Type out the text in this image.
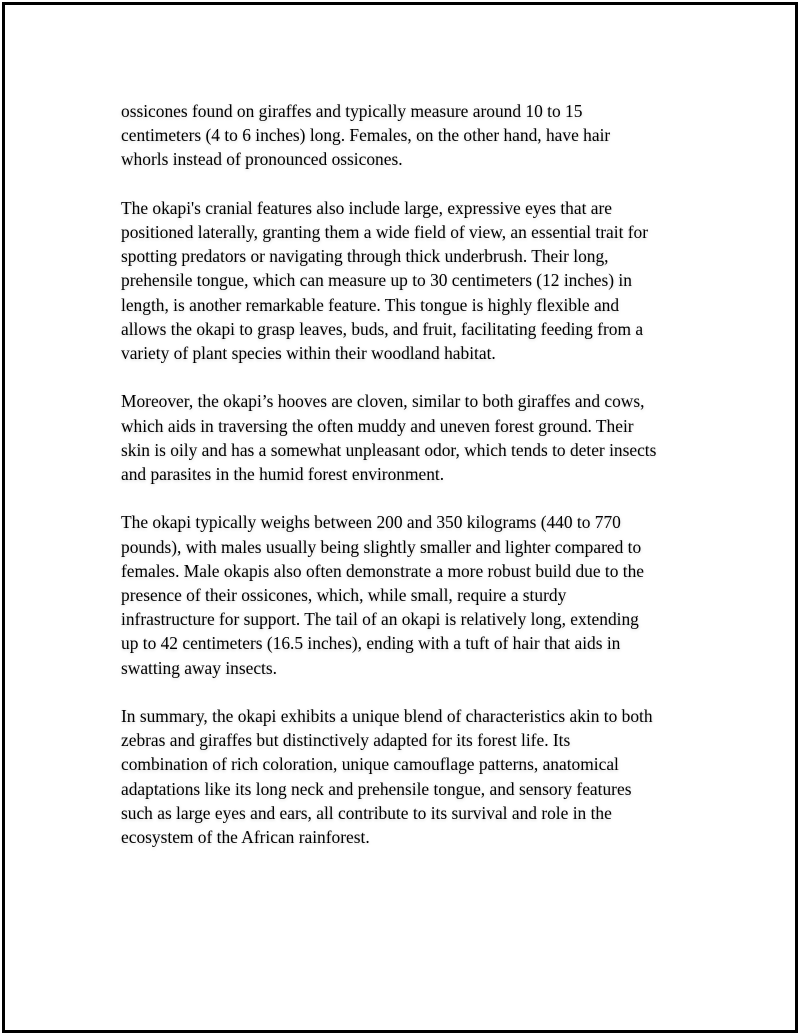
ossicones found on giraffes and typically measure around 10 to 15
centimeters (4 to 6 inches) long. Females, on the other hand, have hair
whorls instead of pronounced ossicones.

The okapi's cranial features also include large, expressive eyes that are
positioned laterally, granting them a wide field of view, an essential trait for
spotting predators or navigating through thick underbrush. Their long,
prehensile tongue, which can measure up to 30 centimeters (12 inches) in
length, is another remarkable feature. This tongue is highly flexible and
allows the okapi to grasp leaves, buds, and fruit, facilitating feeding from a
variety of plant species within their woodland habitat.

Moreover, the okapi’s hooves are cloven, similar to both giraffes and cows,
which aids in traversing the often muddy and uneven forest ground. Their
skin is oily and has a somewhat unpleasant odor, which tends to deter insects
and parasites in the humid forest environment.

The okapi typically weighs between 200 and 350 kilograms (440 to 770
pounds), with males usually being slightly smaller and lighter compared to
females. Male okapis also often demonstrate a more robust build due to the
presence of their ossicones, which, while small, require a sturdy
infrastructure for support. The tail of an okapi is relatively long, extending
up to 42 centimeters (16.5 inches), ending with a tuft of hair that aids in
swatting away insects.

In summary, the okapi exhibits a unique blend of characteristics akin to both
zebras and giraffes but distinctively adapted for its forest life. Its
combination of rich coloration, unique camouflage patterns, anatomical
adaptations like its long neck and prehensile tongue, and sensory features
such as large eyes and ears, all contribute to its survival and role in the
ecosystem of the African rainforest.
